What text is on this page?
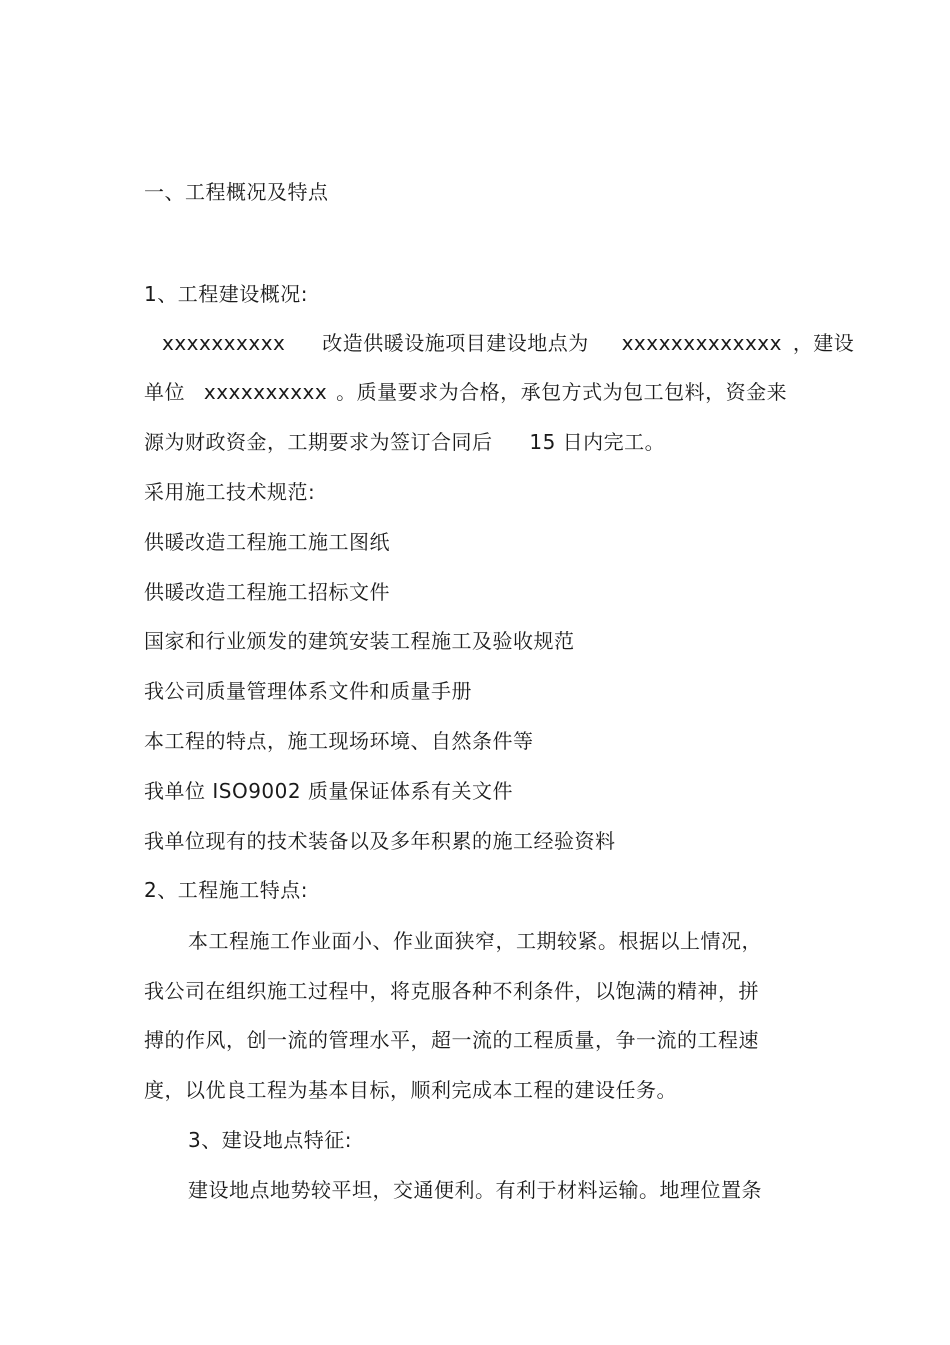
一、工程概况及特点
1、工程建设概况:
xxxxxxxxxx 改造供暖设施项目建设地点为 xxxxxxxxxxxxx ，建设
单位 xxxxxxxxxx 。质量要求为合格，承包方式为包工包料，资金来
源为财政资金，工期要求为签订合同后 15 日内完工。
采用施工技术规范:
供暖改造工程施工施工图纸
供暖改造工程施工招标文件
国家和行业颁发的建筑安装工程施工及验收规范
我公司质量管理体系文件和质量手册
本工程的特点，施工现场环境、自然条件等
我单位 ISO9002 质量保证体系有关文件
我单位现有的技术装备以及多年积累的施工经验资料
2、工程施工特点:
本工程施工作业面小、作业面狭窄，工期较紧。根据以上情况，
我公司在组织施工过程中，将克服各种不利条件，以饱满的精神，拼
搏的作风，创一流的管理水平，超一流的工程质量，争一流的工程速
度，以优良工程为基本目标，顺利完成本工程的建设任务。
3、建设地点特征:
建设地点地势较平坦，交通便利。有利于材料运输。地理位置条
